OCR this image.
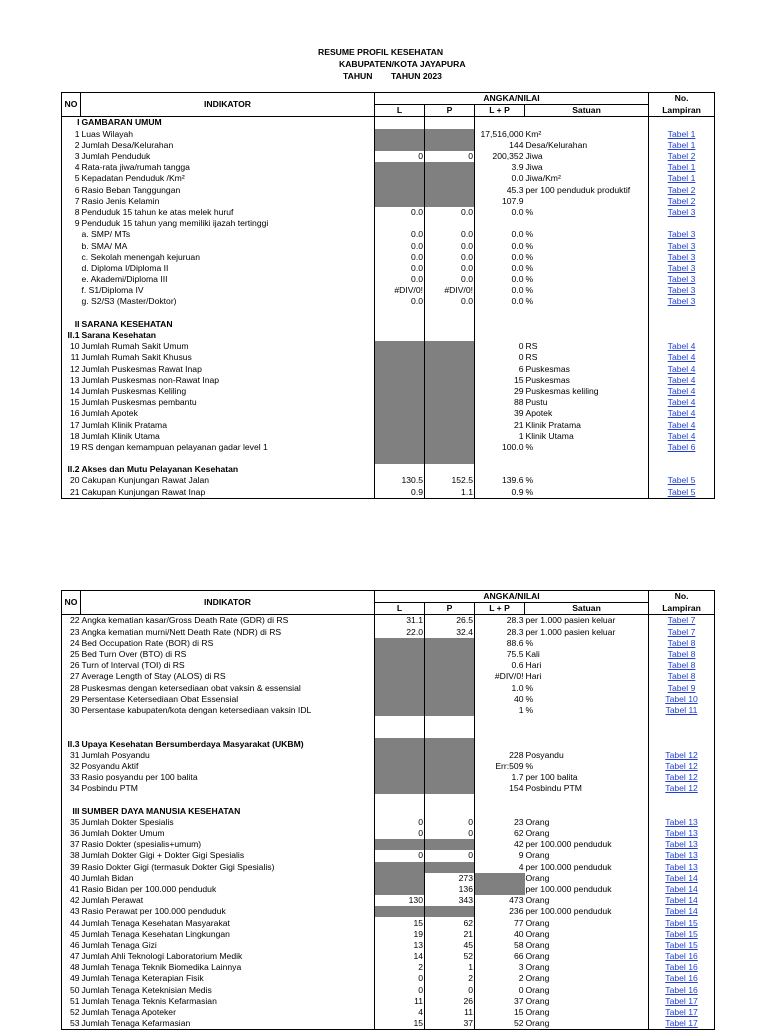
RESUME PROFIL KESEHATAN
KABUPATEN/KOTA JAYAPURA
TAHUN TAHUN 2023
NO	INDIKATOR	ANGKA/NILAI				No.
		L	P	L + P	Satuan	Lampiran
I	GAMBARAN UMUM					
1	Luas Wilayah			17,516,000	Km²	Tabel 1
2	Jumlah Desa/Kelurahan			144	Desa/Kelurahan	Tabel 1
3	Jumlah Penduduk	0	0	200,352	Jiwa	Tabel 2
4	Rata-rata jiwa/rumah tangga			3.9	Jiwa	Tabel 1
5	Kepadatan Penduduk /Km²			0.0	Jiwa/Km²	Tabel 1
6	Rasio Beban Tanggungan			45.3	per 100 penduduk produktif	Tabel 2
7	Rasio Jenis Kelamin			107.9		Tabel 2
8	Penduduk 15 tahun ke atas melek huruf	0.0	0.0	0.0	%	Tabel 3
9	Penduduk 15 tahun yang memiliki ijazah tertinggi					
	a. SMP/ MTs	0.0	0.0	0.0	%	Tabel 3
	b. SMA/ MA	0.0	0.0	0.0	%	Tabel 3
	c. Sekolah menengah kejuruan	0.0	0.0	0.0	%	Tabel 3
	d. Diploma I/Diploma II	0.0	0.0	0.0	%	Tabel 3
	e. Akademi/Diploma III	0.0	0.0	0.0	%	Tabel 3
	f. S1/Diploma IV	#DIV/0!	#DIV/0!	0.0	%	Tabel 3
	g. S2/S3 (Master/Doktor)	0.0	0.0	0.0	%	Tabel 3

II	SARANA KESEHATAN					
II.1	Sarana Kesehatan					
10	Jumlah Rumah Sakit Umum			0	RS	Tabel 4
11	Jumlah Rumah Sakit Khusus			0	RS	Tabel 4
12	Jumlah Puskesmas Rawat Inap			6	Puskesmas	Tabel 4
13	Jumlah Puskesmas non-Rawat Inap			15	Puskesmas	Tabel 4
14	Jumlah Puskesmas Keliling			29	Puskesmas keliling	Tabel 4
15	Jumlah Puskesmas pembantu			88	Pustu	Tabel 4
16	Jumlah Apotek			39	Apotek	Tabel 4
17	Jumlah Klinik Pratama			21	Klinik Pratama	Tabel 4
18	Jumlah Klinik Utama			1	Klinik Utama	Tabel 4
19	RS dengan kemampuan pelayanan gadar level 1			100.0	%	Tabel 6

II.2	Akses dan Mutu Pelayanan Kesehatan					
20	Cakupan Kunjungan Rawat Jalan	130.5	152.5	139.6	%	Tabel 5
21	Cakupan Kunjungan Rawat Inap	0.9	1.1	0.9	%	Tabel 5
NO	INDIKATOR	ANGKA/NILAI				No.
		L	P	L + P	Satuan	Lampiran
22	Angka kematian kasar/Gross Death Rate (GDR) di RS	31.1	26.5	28.3	per 1.000 pasien keluar	Tabel 7
23	Angka kematian murni/Nett Death Rate (NDR) di RS	22.0	32.4	28.3	per 1.000 pasien keluar	Tabel 7
24	Bed Occupation Rate (BOR) di RS			88.6	%	Tabel 8
25	Bed Turn Over (BTO) di RS			75.5	Kali	Tabel 8
26	Turn of Interval (TOI) di RS			0.6	Hari	Tabel 8
27	Average Length of Stay (ALOS) di RS			#DIV/0!	Hari	Tabel 8
28	Puskesmas dengan ketersediaan obat vaksin & essensial			1.0	%	Tabel 9
29	Persentase Ketersediaan Obat Essensial			40	%	Tabel 10
30	Persentase kabupaten/kota dengan ketersediaan vaksin IDL			1	%	Tabel 11

II.3	Upaya Kesehatan Bersumberdaya Masyarakat (UKBM)					
31	Jumlah Posyandu			228	Posyandu	Tabel 12
32	Posyandu Aktif			Err:509	%	Tabel 12
33	Rasio posyandu per 100 balita			1.7	per 100 balita	Tabel 12
34	Posbindu PTM			154	Posbindu PTM	Tabel 12

III	SUMBER DAYA MANUSIA KESEHATAN					
35	Jumlah Dokter Spesialis	0	0	23	Orang	Tabel 13
36	Jumlah Dokter Umum	0	0	62	Orang	Tabel 13
37	Rasio Dokter (spesialis+umum)			42	per 100.000 penduduk	Tabel 13
38	Jumlah Dokter Gigi + Dokter Gigi Spesialis	0	0	9	Orang	Tabel 13
39	Rasio Dokter Gigi (termasuk Dokter Gigi Spesialis)			4	per 100.000 penduduk	Tabel 13
40	Jumlah Bidan		273		Orang	Tabel 14
41	Rasio Bidan per 100.000 penduduk		136		per 100.000 penduduk	Tabel 14
42	Jumlah Perawat	130	343	473	Orang	Tabel 14
43	Rasio Perawat per 100.000 penduduk			236	per 100.000 penduduk	Tabel 14
44	Jumlah Tenaga Kesehatan Masyarakat	15	62	77	Orang	Tabel 15
45	Jumlah Tenaga Kesehatan Lingkungan	19	21	40	Orang	Tabel 15
46	Jumlah Tenaga Gizi	13	45	58	Orang	Tabel 15
47	Jumlah Ahli Teknologi Laboratorium Medik	14	52	66	Orang	Tabel 16
48	Jumlah Tenaga Teknik Biomedika Lainnya	2	1	3	Orang	Tabel 16
49	Jumlah Tenaga Keterapian Fisik	0	2	2	Orang	Tabel 16
50	Jumlah Tenaga Keteknisian Medis	0	0	0	Orang	Tabel 16
51	Jumlah Tenaga Teknis Kefarmasian	11	26	37	Orang	Tabel 17
52	Jumlah Tenaga Apoteker	4	11	15	Orang	Tabel 17
53	Jumlah Tenaga Kefarmasian	15	37	52	Orang	Tabel 17
